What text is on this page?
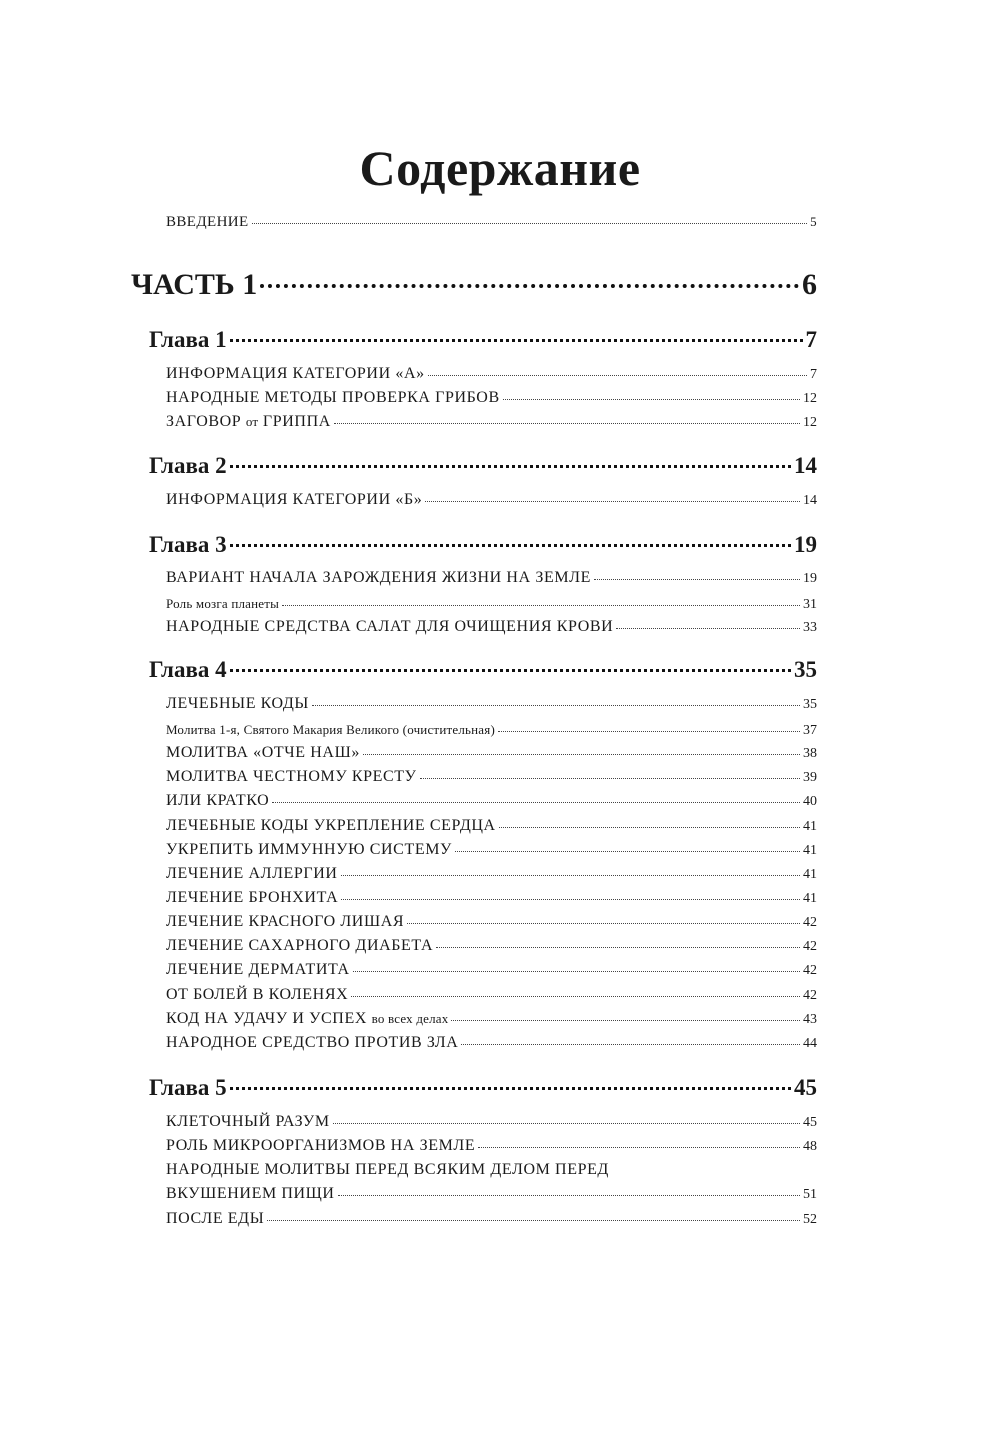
Содержание
ВВЕДЕНИЕ	5
ЧАСТЬ 1	6
Глава 1	7
ИНФОРМАЦИЯ КАТЕГОРИИ «А»	7
НАРОДНЫЕ МЕТОДЫ ПРОВЕРКА ГРИБОВ	12
ЗАГОВОР от ГРИППА	12
Глава 2	14
ИНФОРМАЦИЯ КАТЕГОРИИ «Б»	14
Глава 3	19
ВАРИАНТ НАЧАЛА ЗАРОЖДЕНИЯ ЖИЗНИ НА ЗЕМЛЕ	19
Роль мозга планеты	31
НАРОДНЫЕ СРЕДСТВА САЛАТ ДЛЯ ОЧИЩЕНИЯ КРОВИ	33
Глава 4	35
ЛЕЧЕБНЫЕ КОДЫ	35
Молитва 1-я, Святого Макария Великого (очистительная)	37
МОЛИТВА «ОТЧЕ НАШ»	38
МОЛИТВА ЧЕСТНОМУ КРЕСТУ	39
ИЛИ КРАТКО	40
ЛЕЧЕБНЫЕ КОДЫ УКРЕПЛЕНИЕ СЕРДЦА	41
УКРЕПИТЬ ИММУННУЮ СИСТЕМУ	41
ЛЕЧЕНИЕ АЛЛЕРГИИ	41
ЛЕЧЕНИЕ БРОНХИТА	41
ЛЕЧЕНИЕ КРАСНОГО ЛИШАЯ	42
ЛЕЧЕНИЕ САХАРНОГО ДИАБЕТА	42
ЛЕЧЕНИЕ ДЕРМАТИТА	42
ОТ БОЛЕЙ В КОЛЕНЯХ	42
КОД НА УДАЧУ И УСПЕХ во всех делах	43
НАРОДНОЕ СРЕДСТВО ПРОТИВ ЗЛА	44
Глава 5	45
КЛЕТОЧНЫЙ РАЗУМ	45
РОЛЬ МИКРООРГАНИЗМОВ НА ЗЕМЛЕ	48
НАРОДНЫЕ МОЛИТВЫ ПЕРЕД ВСЯКИМ ДЕЛОМ ПЕРЕД
ВКУШЕНИЕМ ПИЩИ	51
ПОСЛЕ ЕДЫ	52
